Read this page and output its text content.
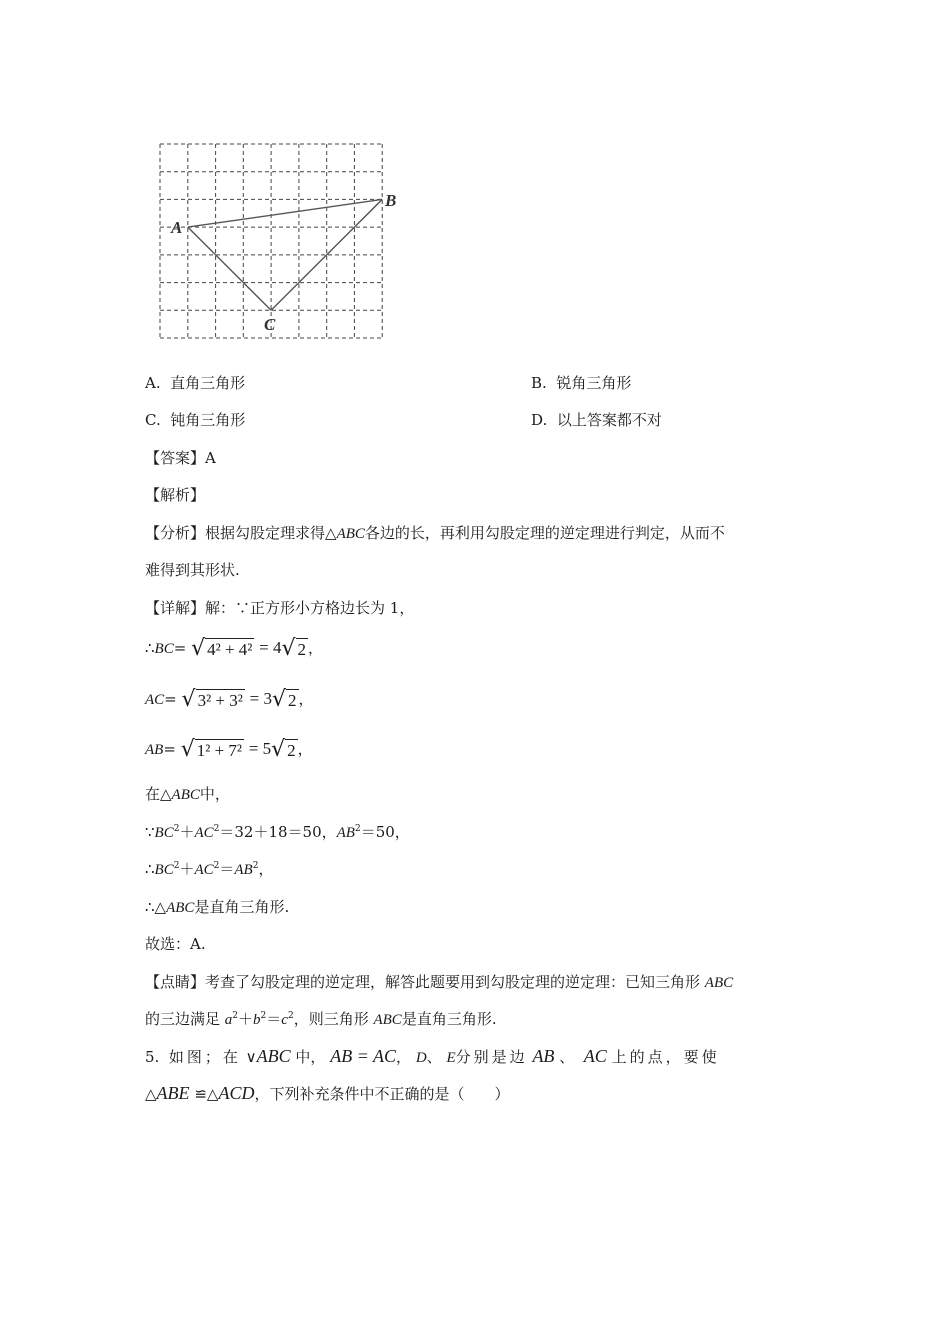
A
B
C
A. 直角三角形	B. 锐角三角形
C. 钝角三角形	D. 以上答案都不对
【答案】A
【解析】
【分析】根据勾股定理求得△ABC各边的长，再利用勾股定理的逆定理进行判定，从而不
难得到其形状.
【详解】解：∵正方形小方格边长为 1，
∴BC= √ 4² + 4² = 4 √ 2 ，
AC= √ 3² + 3² = 3 √ 2 ，
AB= √ 1² + 7² = 5 √ 2 ，
在△ABC中，
$\because BC^2+AC^2=32+18=50$，$AB^2=50$，
$\therefore BC^2+AC^2=AB^2$，
∴△ABC是直角三角形.
故选：A.
【点睛】考查了勾股定理的逆定理，解答此题要用到勾股定理的逆定理：已知三角形 ABC
的三边满足 $a^2+b^2=c^2$，则三角形 ABC是直角三角形.
5. 如图；在 ∨ABC 中， AB = AC， D、 E分别是边 AB 、 AC 上的点，要使
△ABE ≌△ACD，下列补充条件中不正确的是（　　）
